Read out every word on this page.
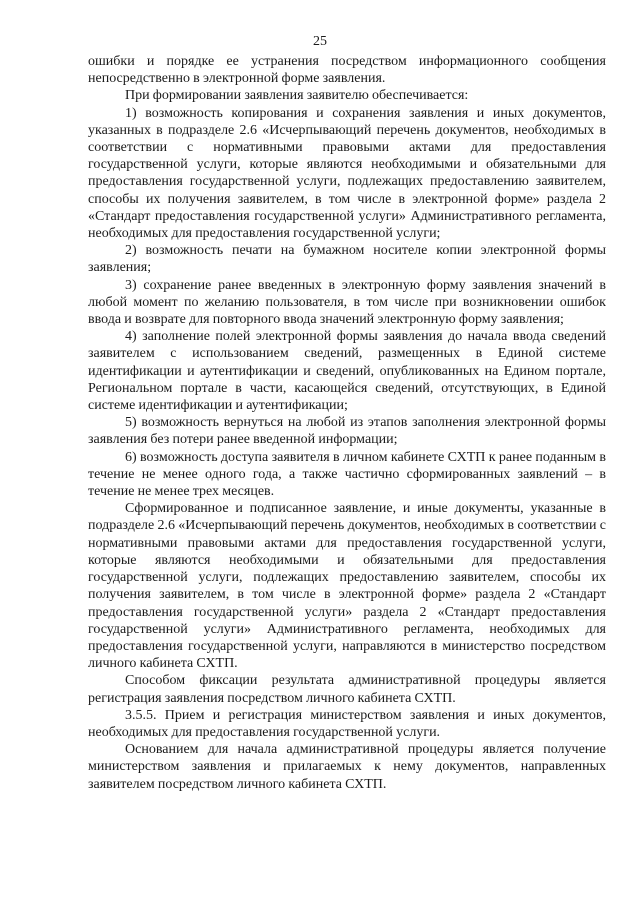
25

ошибки и порядке ее устранения посредством информационного сообщения непосредственно в электронной форме заявления.

При формировании заявления заявителю обеспечивается:

1) возможность копирования и сохранения заявления и иных документов, указанных в подразделе 2.6 «Исчерпывающий перечень документов, необходимых в соответствии с нормативными правовыми актами для предоставления государственной услуги, которые являются необходимыми и обязательными для предоставления государственной услуги, подлежащих предоставлению заявителем, способы их получения заявителем, в том числе в электронной форме» раздела 2 «Стандарт предоставления государственной услуги» Административного регламента, необходимых для предоставления государственной услуги;

2) возможность печати на бумажном носителе копии электронной формы заявления;

3) сохранение ранее введенных в электронную форму заявления значений в любой момент по желанию пользователя, в том числе при возникновении ошибок ввода и возврате для повторного ввода значений электронную форму заявления;

4) заполнение полей электронной формы заявления до начала ввода сведений заявителем с использованием сведений, размещенных в Единой системе идентификации и аутентификации и сведений, опубликованных на Едином портале, Региональном портале в части, касающейся сведений, отсутствующих, в Единой системе идентификации и аутентификации;

5) возможность вернуться на любой из этапов заполнения электронной формы заявления без потери ранее введенной информации;

6) возможность доступа заявителя в личном кабинете СХТП к ранее поданным в течение не менее одного года, а также частично сформированных заявлений – в течение не менее трех месяцев.

Сформированное и подписанное заявление, и иные документы, указанные в подразделе 2.6 «Исчерпывающий перечень документов, необходимых в соответствии с нормативными правовыми актами для предоставления государственной услуги, которые являются необходимыми и обязательными для предоставления государственной услуги, подлежащих предоставлению заявителем, способы их получения заявителем, в том числе в электронной форме» раздела 2 «Стандарт предоставления государственной услуги» раздела 2 «Стандарт предоставления государственной услуги» Административного регламента, необходимых для предоставления государственной услуги, направляются в министерство посредством личного кабинета СХТП.

Способом фиксации результата административной процедуры является регистрация заявления посредством личного кабинета СХТП.

3.5.5. Прием и регистрация министерством заявления и иных документов, необходимых для предоставления государственной услуги.

Основанием для начала административной процедуры является получение министерством заявления и прилагаемых к нему документов, направленных заявителем посредством личного кабинета СХТП.
